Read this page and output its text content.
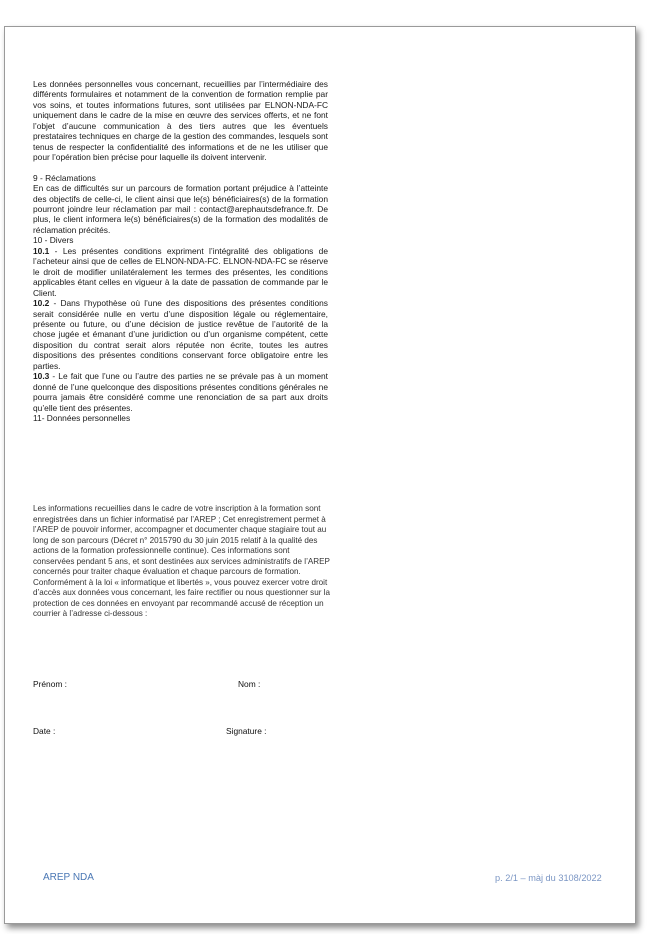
Les données personnelles vous concernant, recueillies par l’intermédiaire des différents formulaires et notamment de la convention de formation remplie par vos soins, et toutes informations futures, sont utilisées par ELNON-NDA-FC uniquement dans le cadre de la mise en œuvre des services offerts, et ne font l’objet d’aucune communication à des tiers autres que les éventuels prestataires techniques en charge de la gestion des commandes, lesquels sont tenus de respecter la confidentialité des informations et de ne les utiliser que pour l’opération bien précise pour laquelle ils doivent intervenir.

9 - Réclamations

En cas de difficultés sur un parcours de formation portant préjudice à l’atteinte des objectifs de celle-ci, le client ainsi que le(s) bénéficiaires(s) de la formation pourront joindre leur réclamation par mail : contact@arephautsdefrance.fr. De plus, le client informera le(s) bénéficiaires(s) de la formation des modalités de réclamation précités.

10 - Divers

10.1 - Les présentes conditions expriment l’intégralité des obligations de l’acheteur ainsi que de celles de ELNON-NDA-FC. ELNON-NDA-FC se réserve le droit de modifier unilatéralement les termes des présentes, les conditions applicables étant celles en vigueur à la date de passation de commande par le Client.

10.2 - Dans l’hypothèse où l’une des dispositions des présentes conditions serait considérée nulle en vertu d’une disposition légale ou réglementaire, présente ou future, ou d’une décision de justice revêtue de l’autorité de la chose jugée et émanant d’une juridiction ou d’un organisme compétent, cette disposition du contrat serait alors réputée non écrite, toutes les autres dispositions des présentes conditions conservant force obligatoire entre les parties.

10.3 - Le fait que l’une ou l’autre des parties ne se prévale pas à un moment donné de l’une quelconque des dispositions présentes conditions générales ne pourra jamais être considéré comme une renonciation de sa part aux droits qu’elle tient des présentes.

11- Données personnelles

Les informations recueillies dans le cadre de votre inscription à la formation sont enregistrées dans un fichier informatisé par l’AREP ; Cet enregistrement permet à l’AREP de pouvoir informer, accompagner et documenter chaque stagiaire tout au long de son parcours (Décret n° 2015790 du 30 juin 2015 relatif à la qualité des actions de la formation professionnelle continue). Ces informations sont conservées pendant 5 ans, et sont destinées aux services administratifs de l’AREP concernés pour traiter chaque évaluation et chaque parcours de formation. Conformément à la loi « informatique et libertés », vous pouvez exercer votre droit d’accès aux données vous concernant, les faire rectifier ou nous questionner sur la protection de ces données en envoyant par recommandé accusé de réception un courrier à l’adresse ci-dessous :

Prénom :	Nom :
Date :	Signature :
AREP NDA	p. 2/1 – màj du 3108/2022
